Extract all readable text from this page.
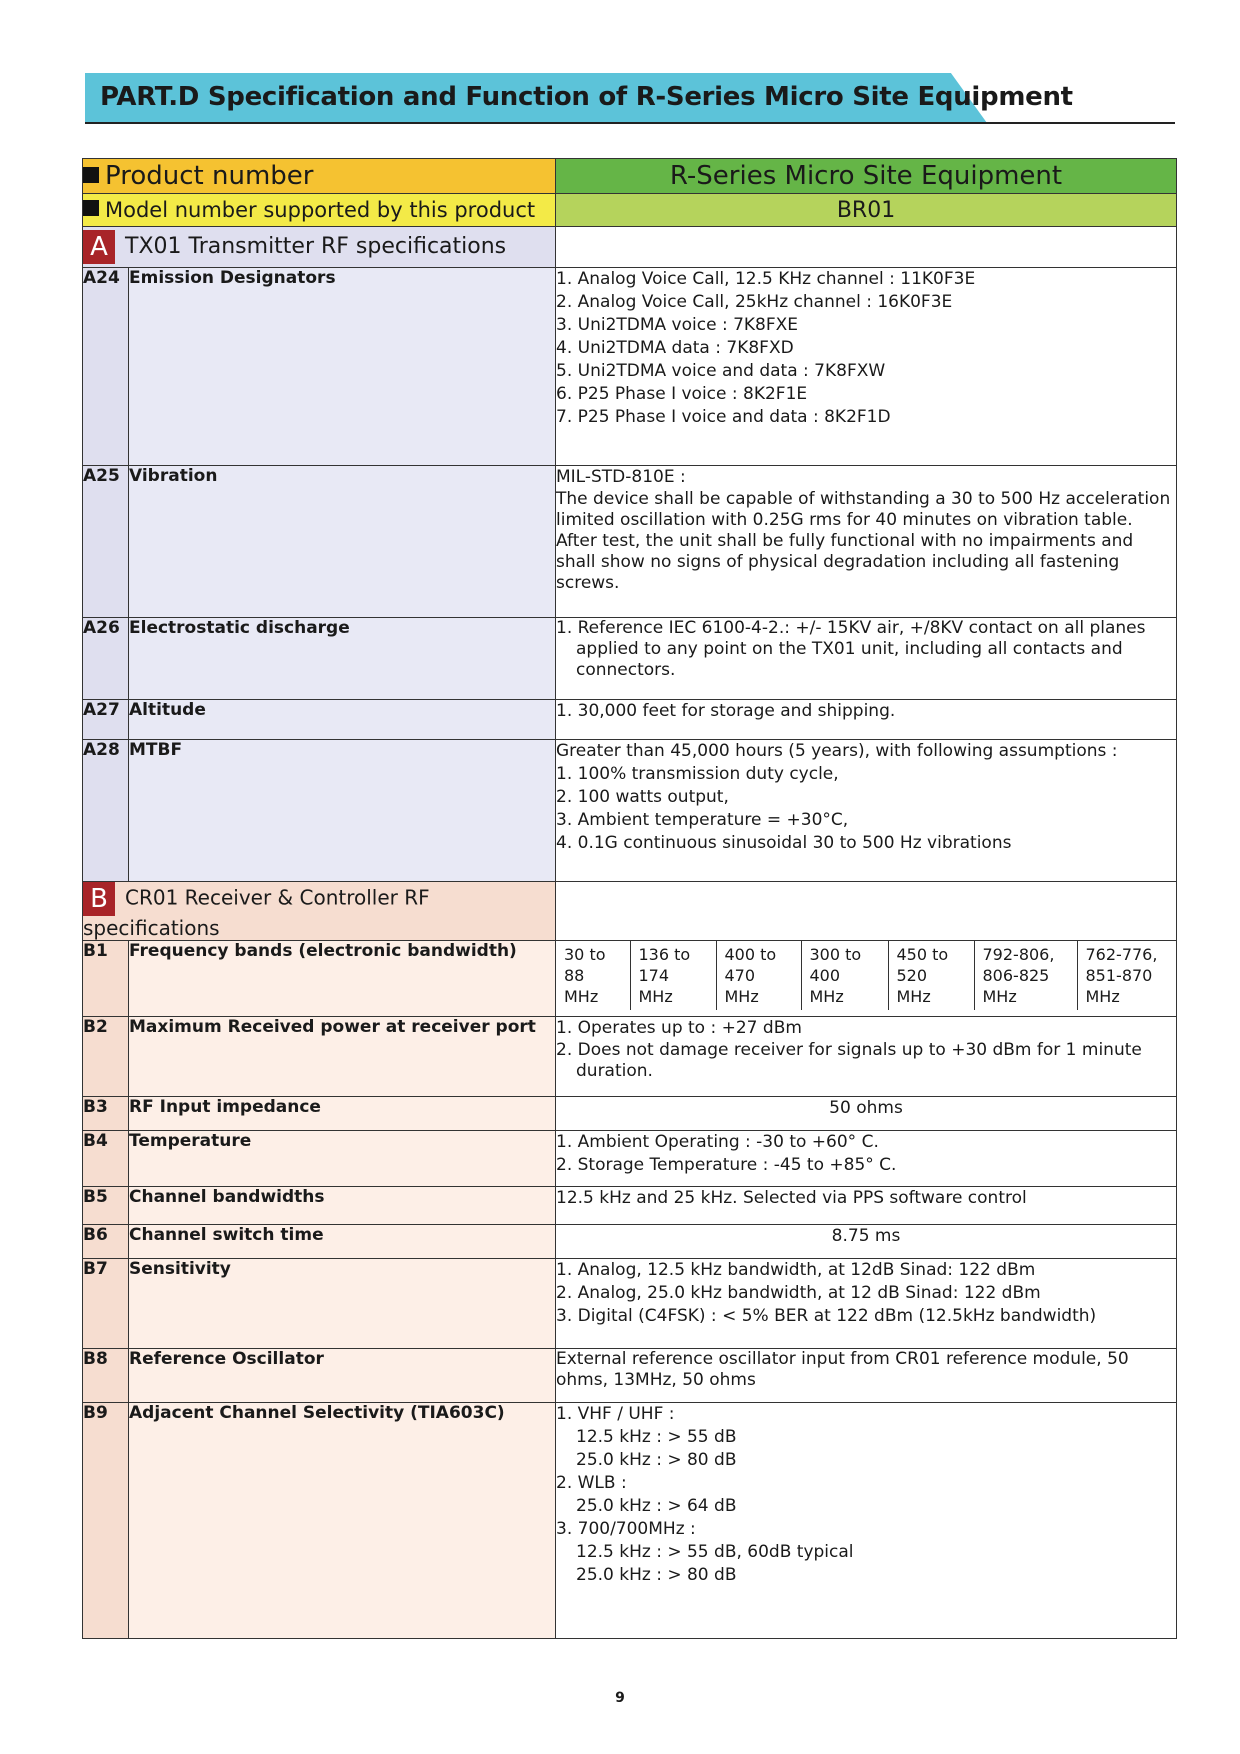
PART.D Specification and Function of R-Series Micro Site Equipment
Product number	R-Series Micro Site Equipment
Model number supported by this product	BR01
A TX01 Transmitter RF specifications	
A24	Emission Designators	1. Analog Voice Call, 12.5 KHz channel : 11K0F3E
2. Analog Voice Call, 25kHz channel : 16K0F3E
3. Uni2TDMA voice : 7K8FXE
4. Uni2TDMA data : 7K8FXD
5. Uni2TDMA voice and data : 7K8FXW
6. P25 Phase I voice : 8K2F1E
7. P25 Phase I voice and data : 8K2F1D

A25	Vibration	MIL-STD-810E :
The device shall be capable of withstanding a 30 to 500 Hz acceleration limited oscillation with 0.25G rms for 40 minutes on vibration table. After test, the unit shall be fully functional with no impairments and shall show no signs of physical degradation including all fastening screws.

A26	Electrostatic discharge	1. Reference IEC 6100-4-2.: +/- 15KV air, +/8KV contact on all planes applied to any point on the TX01 unit, including all contacts and connectors.

A27	Altitude	1. 30,000 feet for storage and shipping.

A28	MTBF	Greater than 45,000 hours (5 years), with following assumptions :
1. 100% transmission duty cycle,
2. 100 watts output,
3. Ambient temperature = +30°C,
4. 0.1G continuous sinusoidal 30 to 500 Hz vibrations

B CR01 Receiver & Controller RF specifications	
B1	Frequency bands (electronic bandwidth)		30 to
88
MHz	136 to
174
MHz	400 to
470
MHz	300 to
400
MHz	450 to
520
MHz	792-806,
806-825
MHz	762-776,
851-870
MHz

B2	Maximum Received power at receiver port	1. Operates up to : +27 dBm
2. Does not damage receiver for signals up to +30 dBm for 1 minute duration.

B3	RF Input impedance	50 ohms
B4	Temperature	1. Ambient Operating : -30 to +60° C.
2. Storage Temperature : -45 to +85° C.

B5	Channel bandwidths	12.5 kHz and 25 kHz. Selected via PPS software control
B6	Channel switch time	8.75 ms
B7	Sensitivity	1. Analog, 12.5 kHz bandwidth, at 12dB Sinad: 122 dBm
2. Analog, 25.0 kHz bandwidth, at 12 dB Sinad: 122 dBm
3. Digital (C4FSK) : < 5% BER at 122 dBm (12.5kHz bandwidth)

B8	Reference Oscillator	External reference oscillator input from CR01 reference module, 50 ohms, 13MHz, 50 ohms

B9	Adjacent Channel Selectivity (TIA603C)	1. VHF / UHF :
12.5 kHz : > 55 dB
25.0 kHz : > 80 dB
2. WLB :
25.0 kHz : > 64 dB
3. 700/700MHz :
12.5 kHz : > 55 dB, 60dB typical
25.0 kHz : > 80 dB
9
